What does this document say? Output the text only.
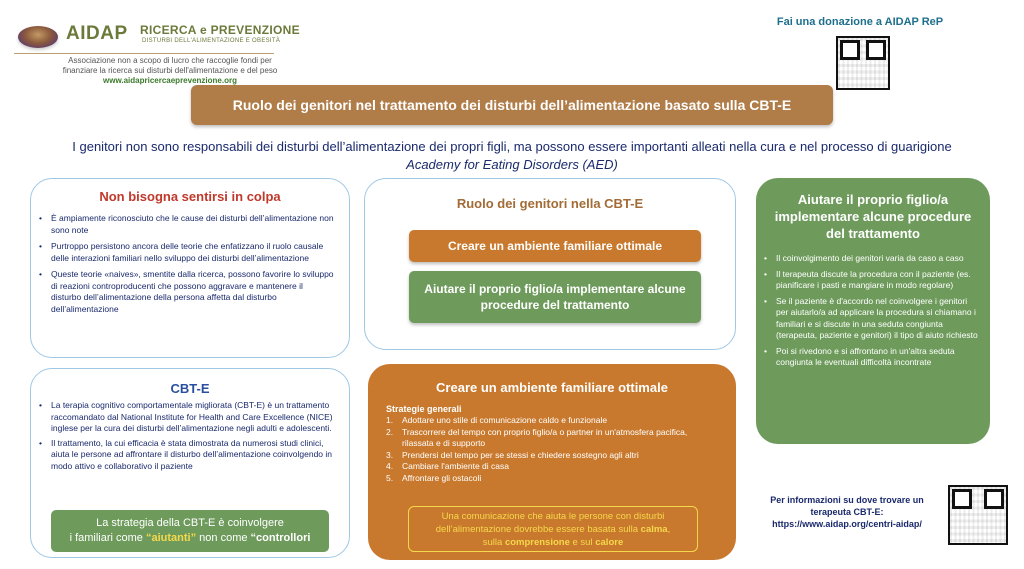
AIDAP RICERCA e PREVENZIONE
DISTURBI DELL'ALIMENTAZIONE E OBESITÀ
Associazione non a scopo di lucro che raccoglie fondi per
finanziare la ricerca sui disturbi dell'alimentazione e del peso
www.aidapricercaeprevenzione.org
Fai una donazione a AIDAP ReP
Ruolo dei genitori nel trattamento dei disturbi dell’alimentazione basato sulla CBT-E
I genitori non sono responsabili dei disturbi dell’alimentazione dei propri figli, ma possono essere importanti alleati nella cura e nel processo di guarigione
Academy for Eating Disorders (AED)
Non bisogna sentirsi in colpa
• È ampiamente riconosciuto che le cause dei disturbi dell’alimentazione non sono note
• Purtroppo persistono ancora delle teorie che enfatizzano il ruolo causale delle interazioni familiari nello sviluppo dei disturbi dell’alimentazione
• Queste teorie «naives», smentite dalla ricerca, possono favorire lo sviluppo di reazioni controproducenti che possono aggravare e mantenere il disturbo dell’alimentazione della persona affetta dal disturbo dell’alimentazione
Ruolo dei genitori nella CBT-E
Creare un ambiente familiare ottimale
Aiutare il proprio figlio/a implementare alcune procedure del trattamento
Aiutare il proprio figlio/a implementare alcune procedure del trattamento
• Il coinvolgimento dei genitori varia da caso a caso
• Il terapeuta discute la procedura con il paziente (es. pianificare i pasti e mangiare in modo regolare)
• Se il paziente è d'accordo nel coinvolgere i genitori per aiutarlo/a ad applicare la procedura si chiamano i familiari e si discute in una seduta congiunta (terapeuta, paziente e genitori) il tipo di aiuto richiesto
• Poi si rivedono e si affrontano in un'altra seduta congiunta le eventuali difficoltà incontrate
CBT-E
• La terapia cognitivo comportamentale migliorata (CBT-E) è un trattamento raccomandato dal National Institute for Health and Care Excellence (NICE) inglese per la cura dei disturbi dell’alimentazione negli adulti e adolescenti.
• Il trattamento, la cui efficacia è stata dimostrata da numerosi studi clinici, aiuta le persone ad affrontare il disturbo dell’alimentazione coinvolgendo in modo attivo e collaborativo il paziente
La strategia della CBT-E è coinvolgere
i familiari come “aiutanti” non come “controllori
Creare un ambiente familiare ottimale
Strategie generali
Adottare uno stile di comunicazione caldo e funzionale
Trascorrere del tempo con proprio figlio/a o partner in un'atmosfera pacifica, rilassata e di supporto
Prendersi del tempo per se stessi e chiedere sostegno agli altri
Cambiare l'ambiente di casa
Affrontare gli ostacoli
Una comunicazione che aiuta le persone con disturbi
dell’alimentazione dovrebbe essere basata sulla calma,
sulla comprensione e sul calore
Per informazioni su dove trovare un terapeuta CBT-E:
https://www.aidap.org/centri-aidap/
